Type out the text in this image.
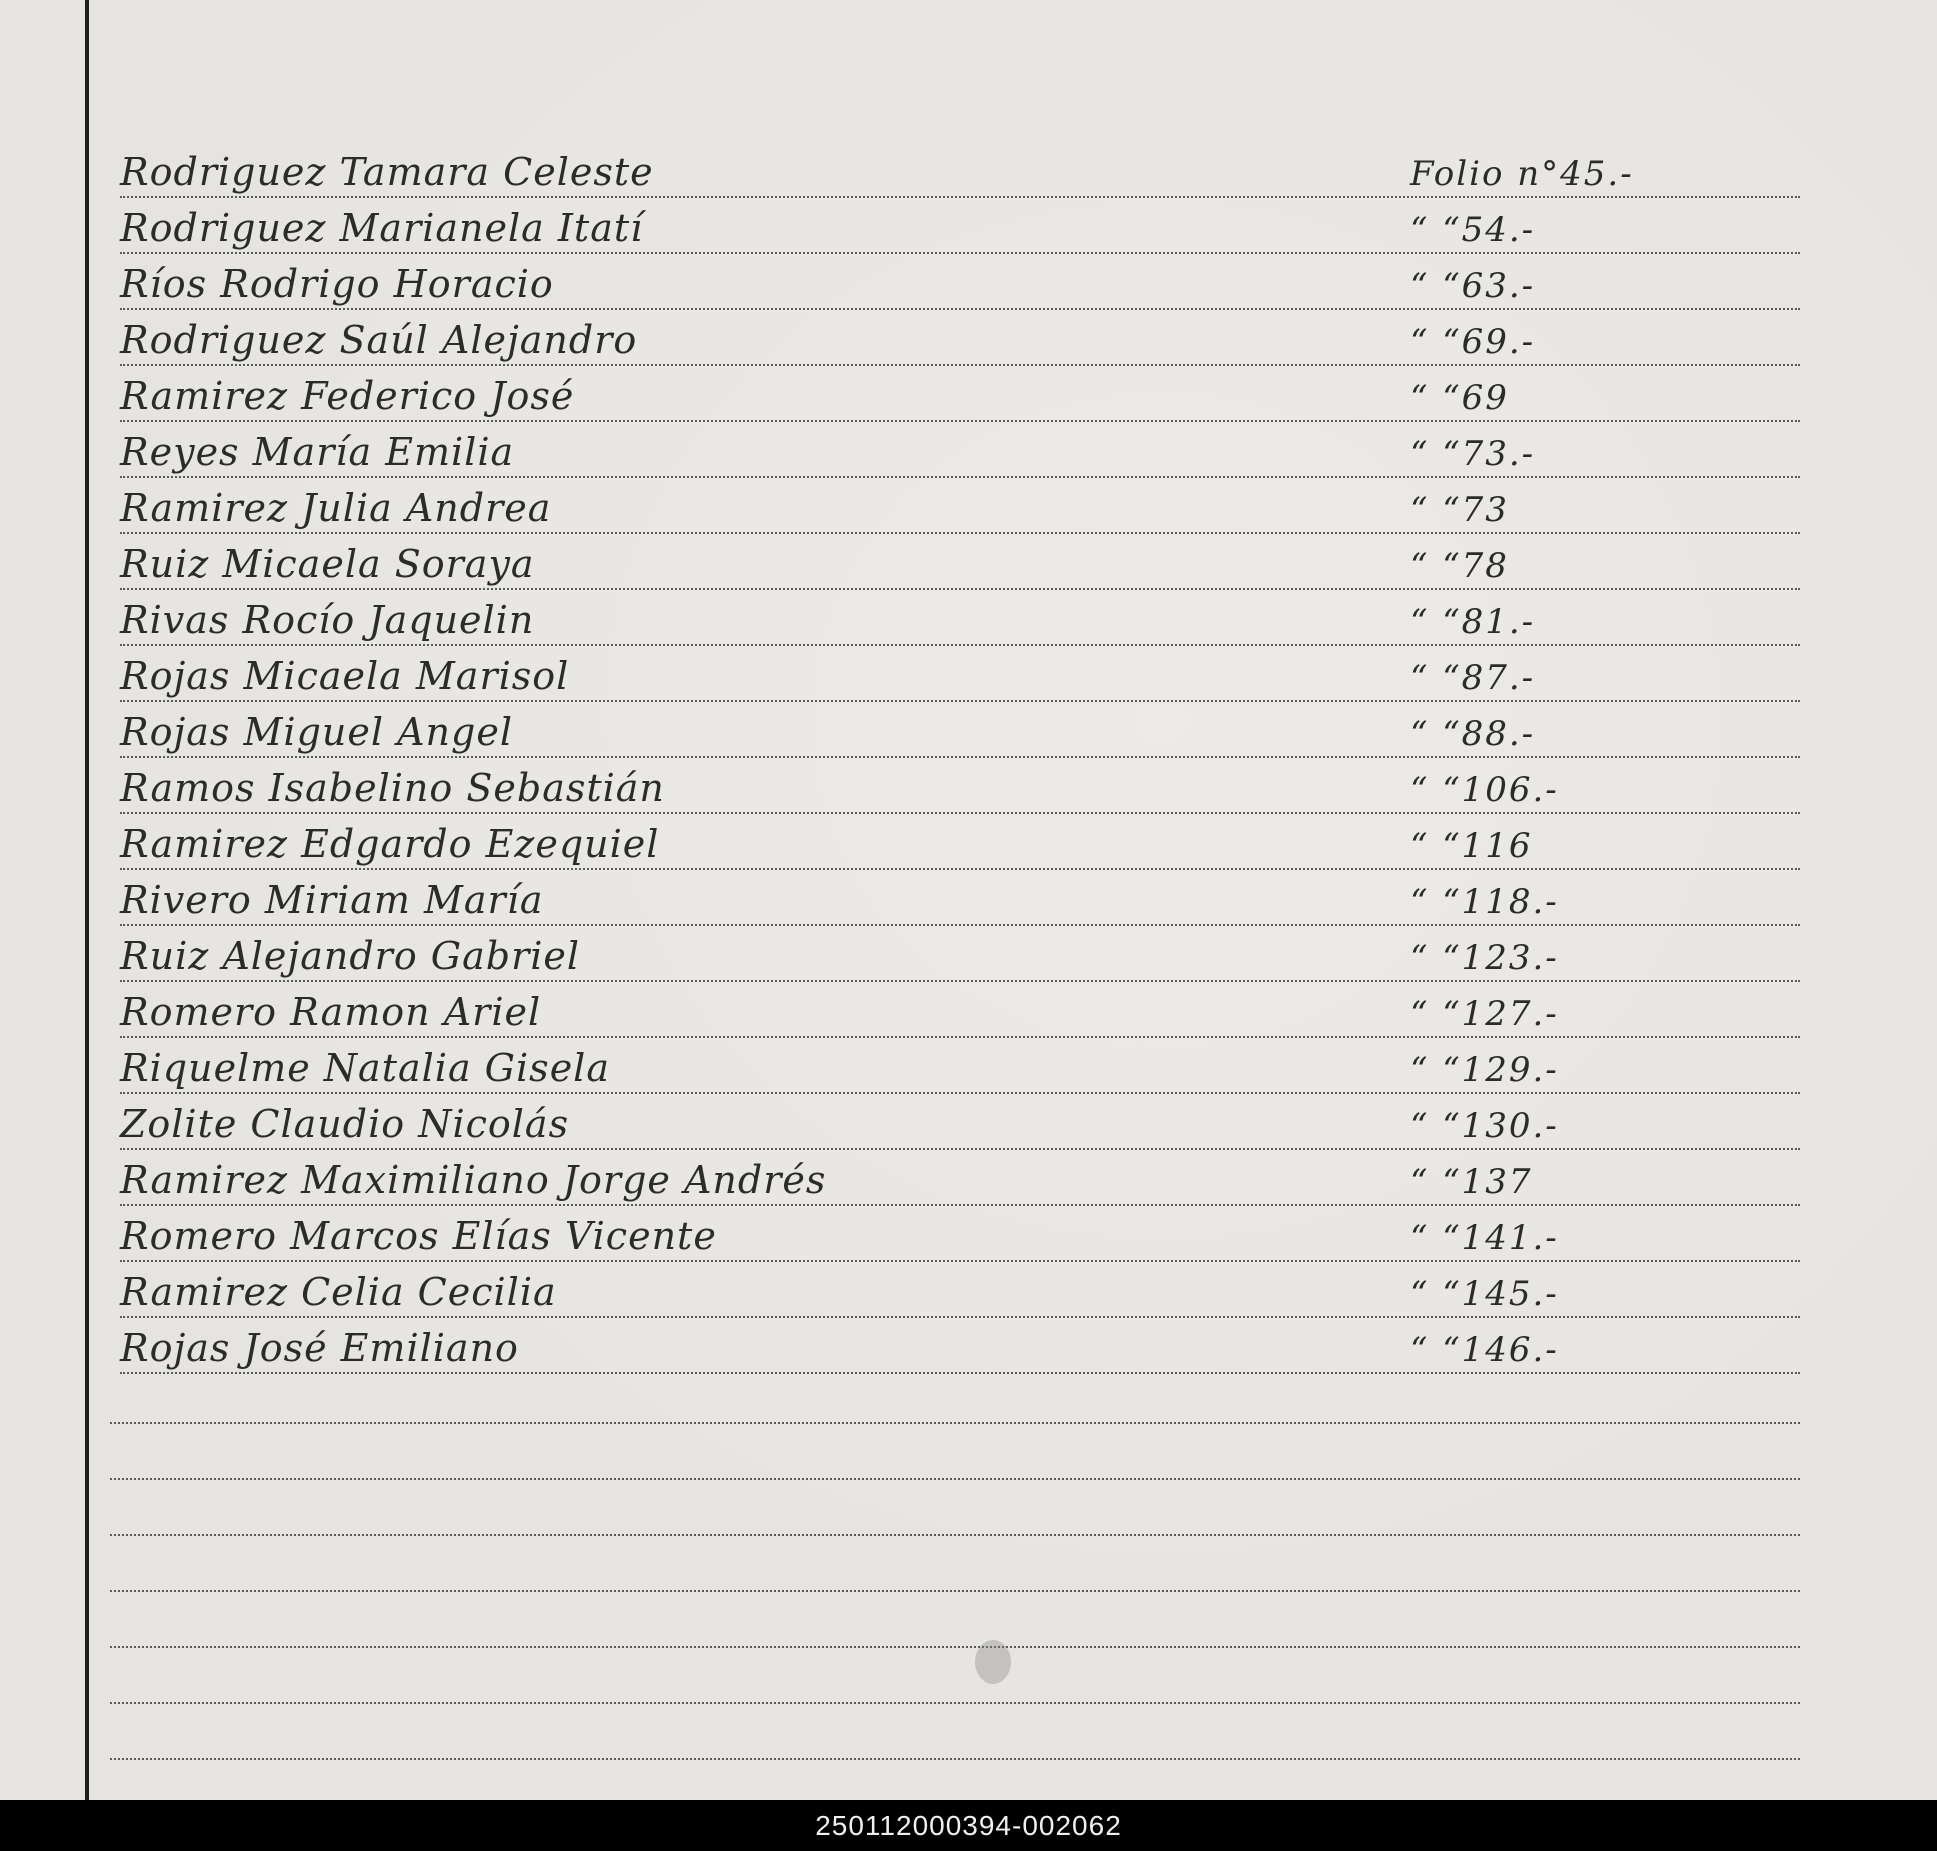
Rodriguez Tamara Celeste	Folio n°45.-
Rodriguez Marianela Itatí	“ “54.-
Ríos Rodrigo Horacio	“ “63.-
Rodriguez Saúl Alejandro	“ “69.-
Ramirez Federico José	“ “69
Reyes María Emilia	“ “73.-
Ramirez Julia Andrea	“ “73
Ruiz Micaela Soraya	“ “78
Rivas Rocío Jaquelin	“ “81.-
Rojas Micaela Marisol	“ “87.-
Rojas Miguel Angel	“ “88.-
Ramos Isabelino Sebastián	“ “106.-
Ramirez Edgardo Ezequiel	“ “116
Rivero Miriam María	“ “118.-
Ruiz Alejandro Gabriel	“ “123.-
Romero Ramon Ariel	“ “127.-
Riquelme Natalia Gisela	“ “129.-
Zolite Claudio Nicolás	“ “130.-
Ramirez Maximiliano Jorge Andrés	“ “137
Romero Marcos Elías Vicente	“ “141.-
Ramirez Celia Cecilia	“ “145.-
Rojas José Emiliano	“ “146.-
250112000394-002062
